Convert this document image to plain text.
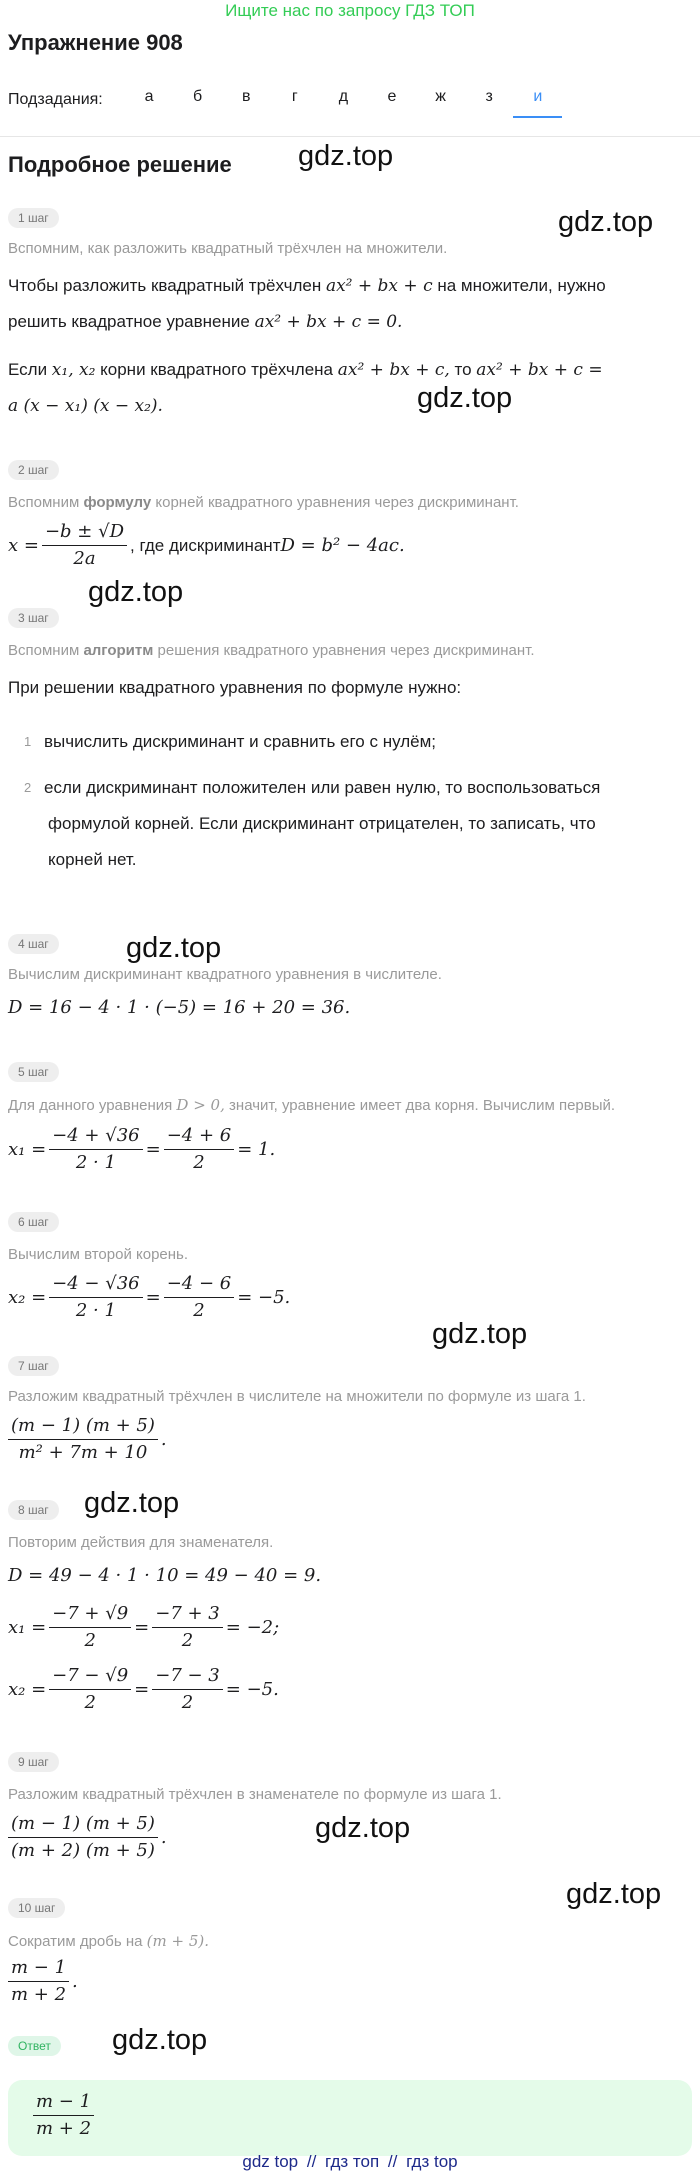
Ищите нас по запросу ГДЗ ТОП
Упражнение 908
Подзадания:	а	б	в	г	д	е	ж	з	и
Подробное решение gdz.top
gdz.top
gdz.top
gdz.top
gdz.top
gdz.top
gdz.top
gdz.top
gdz.top
gdz.top
1 шаг
Вспомним, как разложить квадратный трёхчлен на множители.
Чтобы разложить квадратный трёхчлен ax² + bx + c на множители, нужно
решить квадратное уравнение ax² + bx + c = 0.
Если x₁, x₂ корни квадратного трёхчлена ax² + bx + c, то ax² + bx + c =
a (x − x₁) (x − x₂).
2 шаг
Вспомним формулу корней квадратного уравнения через дискриминант.
$x = \frac{-b \pm √D}{2a}$ , где дискриминант D = b² − 4ac.
3 шаг
Вспомним алгоритм решения квадратного уравнения через дискриминант.
При решении квадратного уравнения по формуле нужно:
1 вычислить дискриминант и сравнить его с нулём;
2 если дискриминант положителен или равен нулю, то воспользоваться
формулой корней. Если дискриминант отрицателен, то записать, что
корней нет.
4 шаг
Вычислим дискриминант квадратного уравнения в числителе.
D = 16 − 4 · 1 · (−5) = 16 + 20 = 36.
5 шаг
Для данного уравнения D > 0, значит, уравнение имеет два корня. Вычислим первый.
$x_1 = \frac{-4 + √36}{2 \cdot 1} = \frac{-4 + 6}{2} = 1$.
6 шаг
Вычислим второй корень.
$x_2 = \frac{-4 - √36}{2 \cdot 1} = \frac{-4 - 6}{2} = -5$.
7 шаг
Разложим квадратный трёхчлен в числителе на множители по формуле из шага 1.
$\frac{(m - 1) (m + 5)}{\text{m² + 7m + 10}}$ .
8 шаг
Повторим действия для знаменателя.
D = 49 − 4 · 1 · 10 = 49 − 40 = 9.
$x_1 = \frac{-7 + √9}{2} = \frac{-7 + 3}{2} = -2$;
$x_2 = \frac{-7 - √9}{2} = \frac{-7 - 3}{2} = -5$.
9 шаг
Разложим квадратный трёхчлен в знаменателе по формуле из шага 1.
$\frac{(m - 1) (m + 5)}{(m + 2) (m + 5)}$ .
10 шаг
Сократим дробь на (m + 5).
$\frac{m - 1}{m + 2}$ .
Ответ
$\frac{m - 1}{m + 2}$
gdz top // гдз топ // гдз top
